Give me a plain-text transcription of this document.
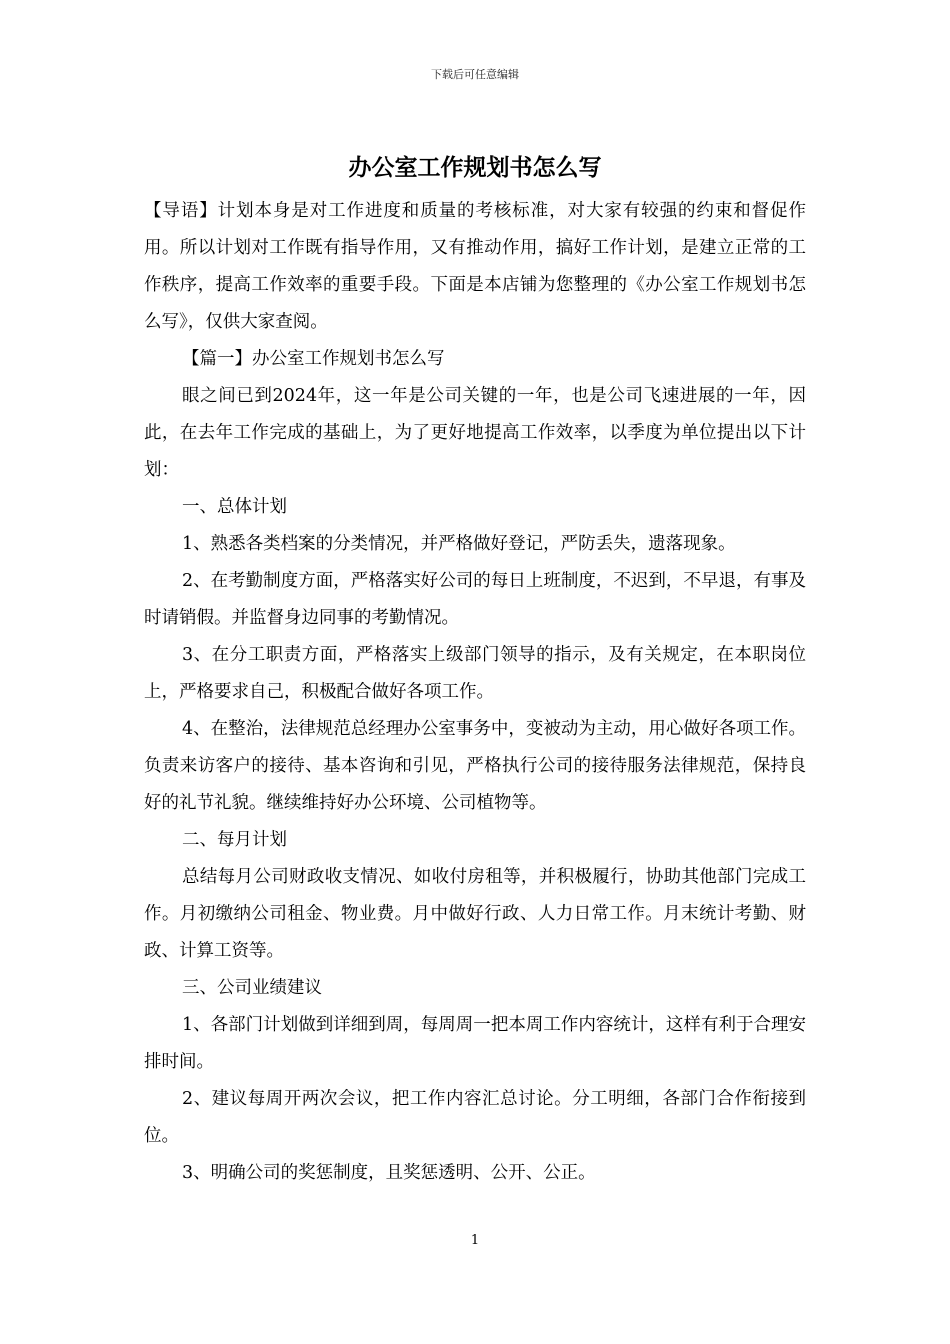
下载后可任意编辑
办公室工作规划书怎么写

【导语】计划本身是对工作进度和质量的考核标准，对大家有较强的约束和督促作用。所以计划对工作既有指导作用，又有推动作用，搞好工作计划，是建立正常的工作秩序，提高工作效率的重要手段。下面是本店铺为您整理的《办公室工作规划书怎么写》，仅供大家查阅。

【篇一】办公室工作规划书怎么写

眼之间已到2024年，这一年是公司关键的一年，也是公司飞速进展的一年，因此，在去年工作完成的基础上，为了更好地提高工作效率，以季度为单位提出以下计划：

一、总体计划

1、熟悉各类档案的分类情况，并严格做好登记，严防丢失，遗落现象。

2、在考勤制度方面，严格落实好公司的每日上班制度，不迟到，不早退，有事及时请销假。并监督身边同事的考勤情况。

3、在分工职责方面，严格落实上级部门领导的指示，及有关规定，在本职岗位上，严格要求自己，积极配合做好各项工作。

4、在整治，法律规范总经理办公室事务中，变被动为主动，用心做好各项工作。负责来访客户的接待、基本咨询和引见，严格执行公司的接待服务法律规范，保持良好的礼节礼貌。继续维持好办公环境、公司植物等。

二、每月计划

总结每月公司财政收支情况、如收付房租等，并积极履行，协助其他部门完成工作。月初缴纳公司租金、物业费。月中做好行政、人力日常工作。月末统计考勤、财政、计算工资等。

三、公司业绩建议

1、各部门计划做到详细到周，每周周一把本周工作内容统计，这样有利于合理安排时间。

2、建议每周开两次会议，把工作内容汇总讨论。分工明细，各部门合作衔接到位。

3、明确公司的奖惩制度，且奖惩透明、公开、公正。

1
